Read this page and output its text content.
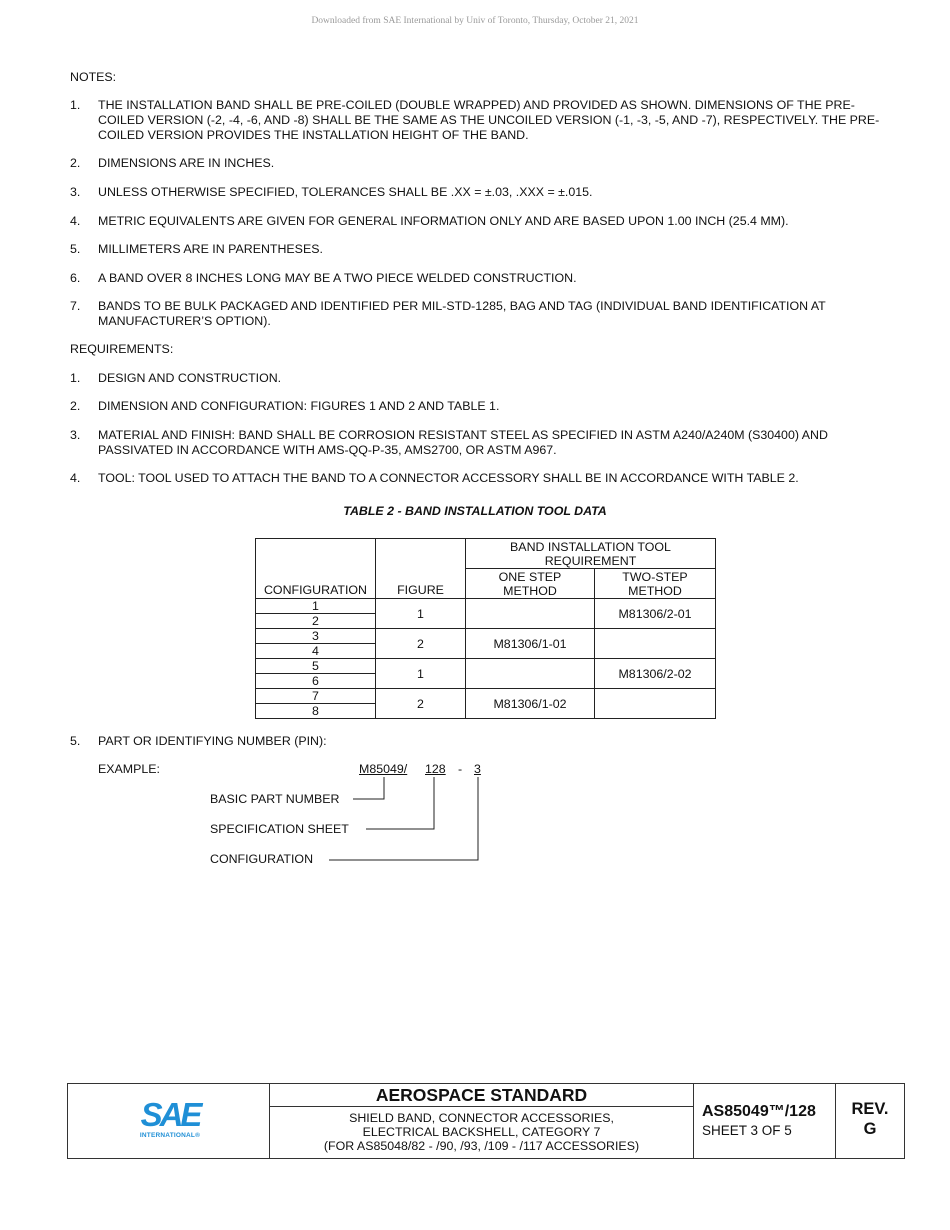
Downloaded from SAE International by Univ of Toronto, Thursday, October 21, 2021
NOTES:
1. THE INSTALLATION BAND SHALL BE PRE-COILED (DOUBLE WRAPPED) AND PROVIDED AS SHOWN. DIMENSIONS OF THE PRE-COILED VERSION (-2, -4, -6, AND -8) SHALL BE THE SAME AS THE UNCOILED VERSION (-1, -3, -5, AND -7), RESPECTIVELY. THE PRE-COILED VERSION PROVIDES THE INSTALLATION HEIGHT OF THE BAND.
2. DIMENSIONS ARE IN INCHES.
3. UNLESS OTHERWISE SPECIFIED, TOLERANCES SHALL BE .XX = ±.03, .XXX = ±.015.
4. METRIC EQUIVALENTS ARE GIVEN FOR GENERAL INFORMATION ONLY AND ARE BASED UPON 1.00 INCH (25.4 MM).
5. MILLIMETERS ARE IN PARENTHESES.
6. A BAND OVER 8 INCHES LONG MAY BE A TWO PIECE WELDED CONSTRUCTION.
7. BANDS TO BE BULK PACKAGED AND IDENTIFIED PER MIL-STD-1285, BAG AND TAG (INDIVIDUAL BAND IDENTIFICATION AT MANUFACTURER’S OPTION).
REQUIREMENTS:
1. DESIGN AND CONSTRUCTION.
2. DIMENSION AND CONFIGURATION: FIGURES 1 AND 2 AND TABLE 1.
3. MATERIAL AND FINISH: BAND SHALL BE CORROSION RESISTANT STEEL AS SPECIFIED IN ASTM A240/A240M (S30400) AND PASSIVATED IN ACCORDANCE WITH AMS-QQ-P-35, AMS2700, OR ASTM A967.
4. TOOL: TOOL USED TO ATTACH THE BAND TO A CONNECTOR ACCESSORY SHALL BE IN ACCORDANCE WITH TABLE 2.
TABLE 2 - BAND INSTALLATION TOOL DATA
CONFIGURATION	FIGURE	BAND INSTALLATION TOOL REQUIREMENT	

		ONE STEP METHOD	TWO-STEP METHOD

1	1		M81306/2-01
2			
3	2	M81306/1-01	
4			
5	1		M81306/2-02
6			
7	2	M81306/1-02	
8			
5. PART OR IDENTIFYING NUMBER (PIN):
EXAMPLE:	M85049/ 128 - 3
BASIC PART NUMBER
SPECIFICATION SHEET
CONFIGURATION
SAE
INTERNATIONAL®
AEROSPACE STANDARD
SHIELD BAND, CONNECTOR ACCESSORIES,
ELECTRICAL BACKSHELL, CATEGORY 7
(FOR AS85048/82 - /90, /93, /109 - /117 ACCESSORIES)
AS85049™/128
SHEET 3 OF 5
REV.
G
